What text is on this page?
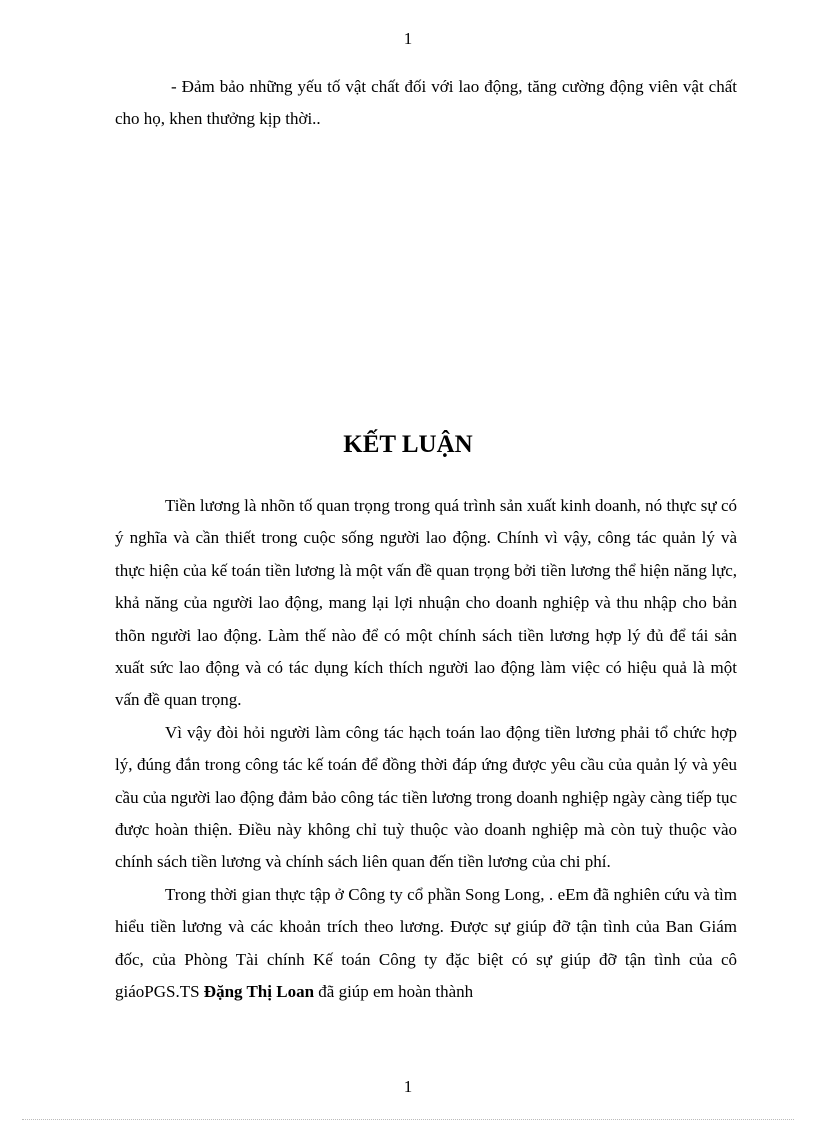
1

- Đảm bảo những yếu tố vật chất đối với lao động, tăng cường động viên vật chất cho họ, khen thưởng kịp thời..

KẾT LUẬN

Tiền lương là nhõn tố quan trọng trong quá trình sản xuất kinh doanh, nó thực sự có ý nghĩa và cần thiết trong cuộc sống người lao động. Chính vì vậy, công tác quản lý và thực hiện của kế toán tiền lương là một vấn đề quan trọng bởi tiền lương thể hiện năng lực, khả năng của người lao động, mang lại lợi nhuận cho doanh nghiệp và thu nhập cho bản thõn người lao động. Làm thế nào để có một chính sách tiền lương hợp lý đủ để tái sản xuất sức lao động và có tác dụng kích thích người lao động làm việc có hiệu quả là một vấn đề quan trọng.

Vì vậy đòi hỏi người làm công tác hạch toán lao động tiền lương phải tổ chức hợp lý, đúng đắn trong công tác kế toán để đồng thời đáp ứng được yêu cầu của quản lý và yêu cầu của người lao động đảm bảo công tác tiền lương trong doanh nghiệp ngày càng tiếp tục được hoàn thiện. Điều này không chỉ tuỳ thuộc vào doanh nghiệp mà còn tuỳ thuộc vào chính sách tiền lương và chính sách liên quan đến tiền lương của chi phí.

Trong thời gian thực tập ở Công ty cổ phần Song Long, . eEm đã nghiên cứu và tìm hiểu tiền lương và các khoản trích theo lương. Được sự giúp đỡ tận tình của Ban Giám đốc, của Phòng Tài chính Kế toán Công ty đặc biệt có sự giúp đỡ tận tình của cô giáoPGS.TS Đặng Thị Loan đã giúp em hoàn thành

1
